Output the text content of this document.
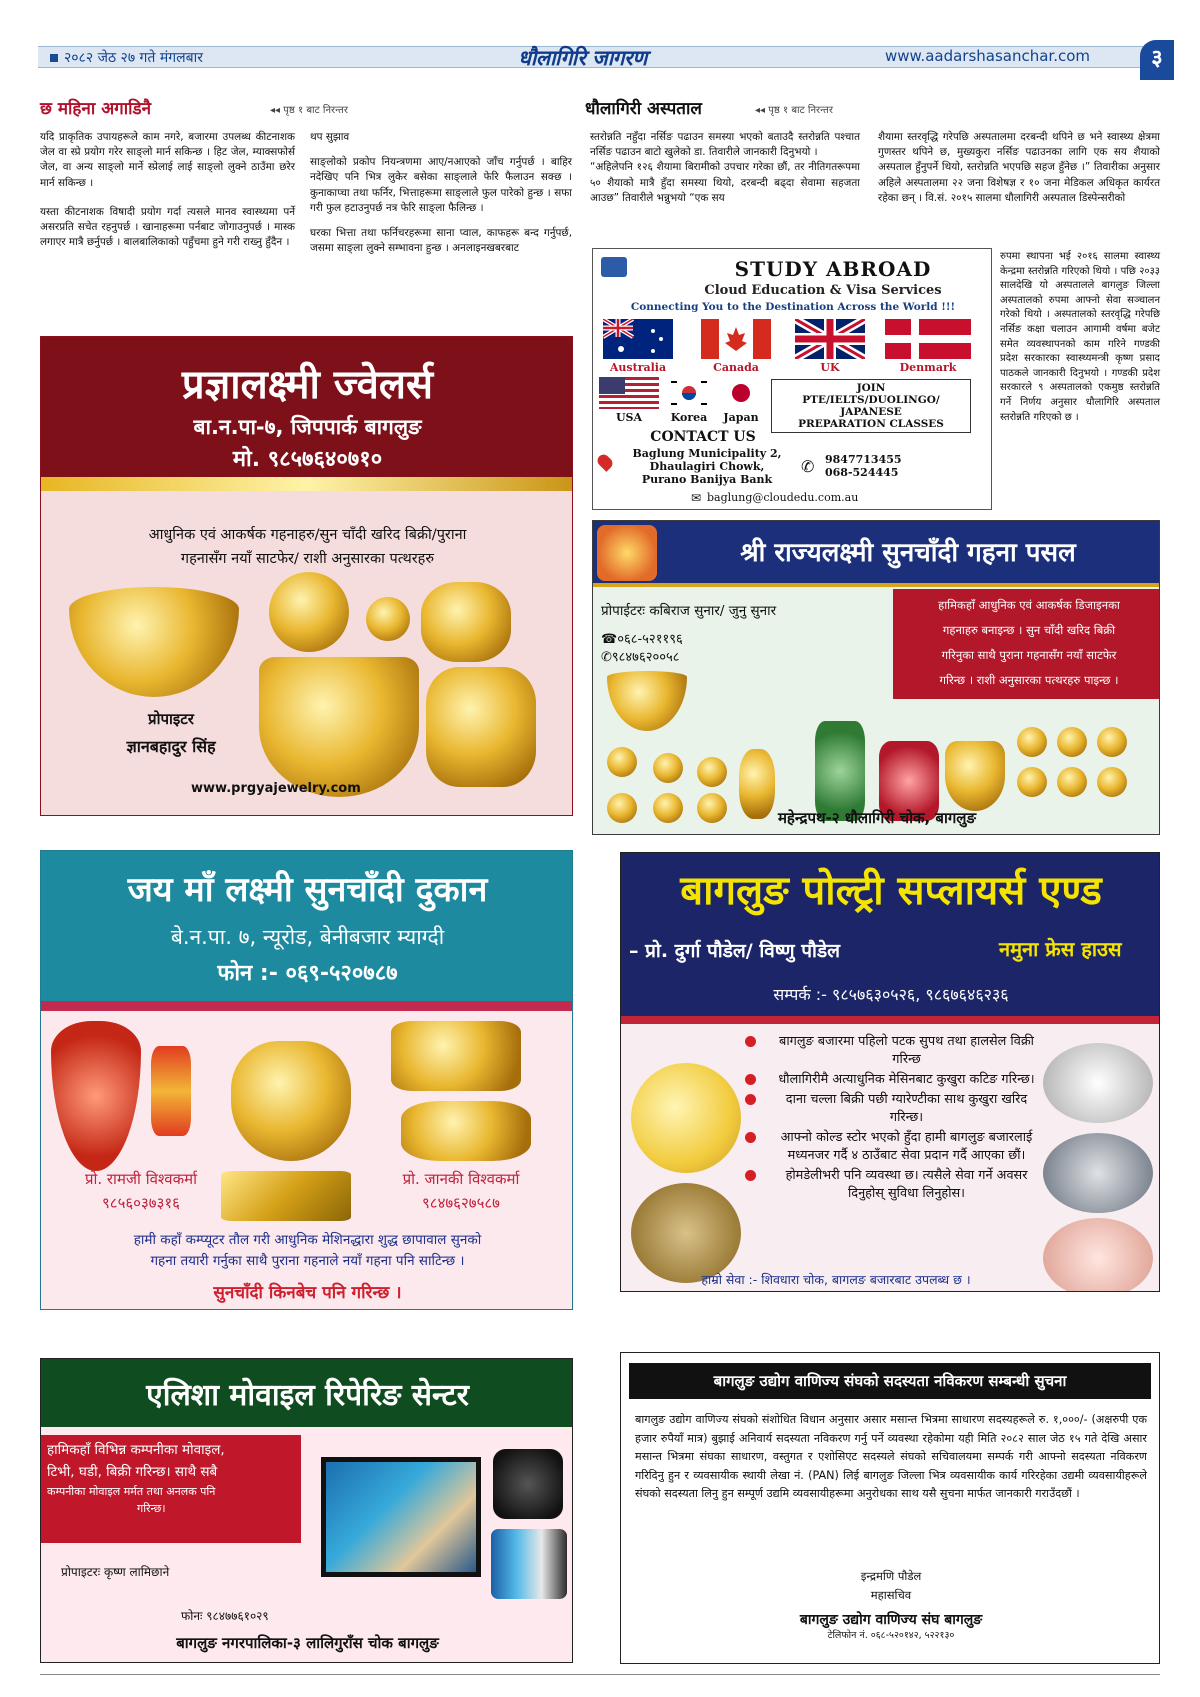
२०८२ जेठ २७ गते मंगलबार	धौलागिरि जागरण	www.aadarshasanchar.com	३
छ महिना अगाडिनै	◂◂ पृष्ठ १ बाट निरन्तर

यदि प्राकृतिक उपायहरूले काम नगरे, बजारमा उपलब्ध कीटनाशक जेल वा स्प्रे प्रयोग गरेर साङ्लो मार्न सकिन्छ । हिट जेल, म्याक्सफोर्स जेल, वा अन्य साङ्लो मार्ने स्प्रेलाई लाई साङ्लो लुक्ने ठाउँमा छरेर मार्न सकिन्छ ।

यस्ता कीटनाशक विषादी प्रयोग गर्दा त्यसले मानव स्वास्थ्यमा पर्ने असरप्रति सचेत रहनुपर्छ । खानाहरूमा पर्नबाट जोगाउनुपर्छ । मास्क लगाएर मात्रै छर्नुपर्छ । बालबालिकाको पहुँचमा हुने गरी राख्नु हुँदैन ।

थप सुझाव

साङ्लोको प्रकोप नियन्त्रणमा आए/नआएको जाँच गर्नुपर्छ । बाहिर नदेखिए पनि भित्र लुकेर बसेका साङ्लाले फेरि फैलाउन सक्छ । कुनाकाप्चा तथा फर्निर, भित्ताहरूमा साङ्लाले फुल पारेको हुन्छ । सफा गरी फुल हटाउनुपर्छ नत्र फेरि साङ्ला फैलिन्छ ।

घरका भित्ता तथा फर्निचरहरूमा साना प्वाल, काफहरू बन्द गर्नुपर्छ, जसमा साङ्ला लुक्ने सम्भावना हुन्छ । अनलाइनखबरबाट

धौलागिरी अस्पताल	◂◂ पृष्ठ १ बाट निरन्तर

स्तरोन्नति नहुँदा नर्सिङ पढाउन समस्या भएको बताउदै स्तरोन्नति पश्चात नर्सिङ पढाउन बाटो खुलेको डा. तिवारीले जानकारी दिनुभयो ।

“अहिलेपनि १२६ शैयामा बिरामीको उपचार गरेका छौं, तर नीतिगतरूपमा ५० शैयाको मात्रै हुँदा समस्या थियो, दरबन्दी बढ्दा सेवामा सहजता आउछ” तिवारीले भन्नुभयो “एक सय

शैयामा स्तरवृद्धि गरेपछि अस्पतालमा दरबन्दी थपिने छ भने स्वास्थ्य क्षेत्रमा गुणस्तर थपिने छ, मुख्यकुरा नर्सिङ पढाउनका लागि एक सय शैयाको अस्पताल हुँनुपर्ने थियो, स्तरोन्नति भएपछि सहज हुँनेछ ।” तिवारीका अनुसार अहिले अस्पतालमा २२ जना विशेषज्ञ र १० जना मेडिकल अधिकृत कार्यरत रहेका छन् । वि.सं. २०१५ सालमा धौलागिरी अस्पताल डिस्पेन्सरीको

रुपमा स्थापना भई २०१६ सालमा स्वास्थ्य केन्द्रमा स्तरोन्नति गरिएको थियो । पछि २०३३ सालदेखि यो अस्पतालले बागलुङ जिल्ला अस्पतालको रुपमा आफ्नो सेवा सञ्चालन गरेको थियो । अस्पतालको स्तरवृद्धि गरेपछि नर्सिङ कक्षा चलाउन आगामी वर्षमा बजेट समेत व्यवस्थापनको काम गरिने गण्डकी प्रदेश सरकारका स्वास्थ्यमन्त्री कृष्ण प्रसाद पाठकले जानकारी दिनुभयो । गण्डकी प्रदेश सरकारले ९ अस्पतालको एकमुष्ठ स्तरोन्नति गर्ने निर्णय अनुसार धौलागिरि अस्पताल स्तरोन्नति गरिएको छ ।

STUDY ABROAD
Cloud Education & Visa Services
Connecting You to the Destination Across the World !!!
Australia	Canada	UK	Denmark
USA	Korea	Japan
JOIN
PTE/IELTS/DUOLINGO/
JAPANESE
PREPARATION CLASSES
CONTACT US
Baglung Municipality 2,
Dhaulagiri Chowk,
Purano Banijya Bank
✆ 9847713455
068-524445
✉ baglung@cloudedu.com.au
प्रज्ञालक्ष्मी ज्वेलर्स
बा.न.पा-७, जिपपार्क बागलुङ
मो. ९८५७६४०७१०
आधुनिक एवं आकर्षक गहनाहरु/सुन चाँदी खरिद बिक्री/पुराना
गहनासँग नयाँ साटफेर/ राशी अनुसारका पत्थरहरु
प्रोपाइटर
ज्ञानबहादुर सिंह
www.prgyajewelry.com
श्री राज्यलक्ष्मी सुनचाँदी गहना पसल
प्रोपाईटरः कबिराज सुनार/ जुनु सुनार
☎०६८-५२११९६
✆९८४७६२००५८
हामिकहाँ आधुनिक एवं आकर्षक डिजाइनका
गहनाहरु बनाइन्छ । सुन चाँदी खरिद बिक्री
गरिनुका साथै पुराना गहनासँग नयाँ साटफेर
गरिन्छ । राशी अनुसारका पत्थरहरु पाइन्छ ।
महेन्द्रपथ-२ धौलागिरी चोक, बागलुङ
जय माँ लक्ष्मी सुनचाँदी दुकान
बे.न.पा. ७, न्यूरोड, बेनीबजार म्याग्दी
फोन :- ०६९-५२०७८७
प्रो. रामजी विश्वकर्मा
९८५६०३७३१६
प्रो. जानकी विश्वकर्मा
९८४७६२७५८७
हामी कहाँ कम्प्यूटर तौल गरी आधुनिक मेशिनद्धारा शुद्ध छापावाल सुनको
गहना तयारी गर्नुका साथै पुराना गहनाले नयाँ गहना पनि साटिन्छ ।
सुनचाँदी किनबेच पनि गरिन्छ ।
बागलुङ पोल्ट्री सप्लायर्स एण्ड
– प्रो. दुर्गा पौडेल/ विष्णु पौडेल	नमुना फ्रेस हाउस
सम्पर्क :- ९८५७६३०५२६, ९८६७६४६२३६
बागलुङ बजारमा पहिलो पटक सुपथ तथा हालसेल विक्री गरिन्छ
धौलागिरीमै अत्याधुनिक मेसिनबाट कुखुरा कटिङ गरिन्छ।
दाना चल्ला बिक्री पछी ग्यारेण्टीका साथ कुखुरा खरिद गरिन्छ।
आफ्नो कोल्ड स्टोर भएको हुँदा हामी बागलुङ बजारलाई मध्यनजर गर्दै ४ ठाउँबाट सेवा प्रदान गर्दै आएका छौं।
होमडेलीभरी पनि व्यवस्था छ। त्यसैले सेवा गर्ने अवसर दिनुहोस् सुविधा लिनुहोस।
हाम्रो सेवा :- शिवधारा चोक, बागलङ बजारबाट उपलब्ध छ ।
एलिशा मोवाइल रिपेरिङ सेन्टर
हामिकहाँ विभिन्न कम्पनीका मोवाइल,
टिभी, घडी, बिक्री गरिन्छ। साथै सबै
कम्पनीका मोवाइल मर्मत तथा अनलक पनि
गरिन्छ।
प्रोपाइटरः कृष्ण लामिछाने
फोनः ९८४७७६१०२९
बागलुङ नगरपालिका-३ लालिगुराँस चोक बागलुङ
बागलुङ उद्योग वाणिज्य संघको सदस्यता नविकरण सम्बन्धी सुचना
बागलुङ उद्योग वाणिज्य संघको संशोधित विधान अनुसार असार मसान्त भित्रमा साधारण सदस्यहरूले रु. १,०००/- (अक्षरुपी एक हजार रुपैयाँ मात्र) बुझाई अनिवार्य सदस्यता नविकरण गर्नु पर्ने व्यवस्था रहेकोमा यही मिति २०८२ साल जेठ १५ गते देखि असार मसान्त भित्रमा संघका साधारण, वस्तुगत र एशोसिएट सदस्यले संघको सचिवालयमा सम्पर्क गरी आफ्नो सदस्यता नविकरण गरिदिनु हुन र व्यवसायीक स्थायी लेखा नं. (PAN) लिई बागलुङ जिल्ला भित्र व्यवसायीक कार्य गरिरहेका उद्यमी व्यवसायीहरूले संघको सदस्यता लिनु हुन सम्पूर्ण उद्यमि व्यवसायीहरूमा अनुरोधका साथ यसै सुचना मार्फत जानकारी गराउँदछौं ।
इन्द्रमणि पौडेल
महासचिव
बागलुङ उद्योग वाणिज्य संघ बागलुङ
टेलिफोन नं. ०६८-५२०१४२, ५२२१३०
